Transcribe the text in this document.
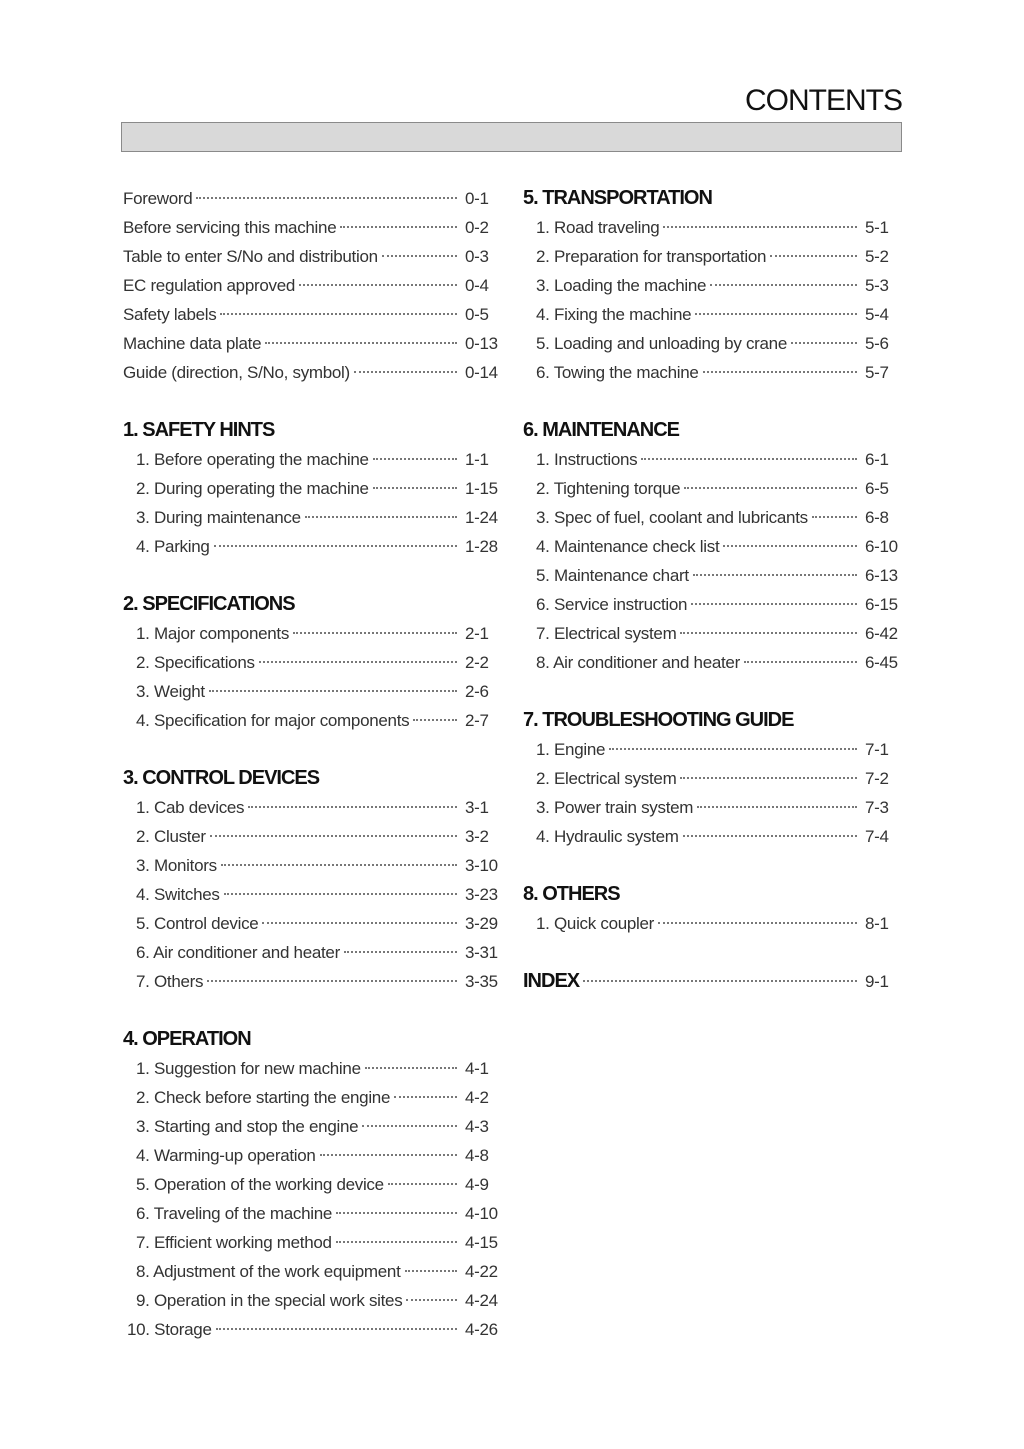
CONTENTS
Foreword	0-1
Before servicing this machine	0-2
Table to enter S/No and distribution	0-3
EC regulation approved	0-4
Safety labels	0-5
Machine data plate	0-13
Guide (direction, S/No, symbol)	0-14
1. SAFETY HINTS
1. Before operating the machine	1-1
2. During operating the machine	1-15
3. During maintenance	1-24
4. Parking	1-28
2. SPECIFICATIONS
1. Major components	2-1
2. Specifications	2-2
3. Weight	2-6
4. Specification for major components	2-7
3. CONTROL DEVICES
1. Cab devices	3-1
2. Cluster	3-2
3. Monitors	3-10
4. Switches	3-23
5. Control device	3-29
6. Air conditioner and heater	3-31
7. Others	3-35
4. OPERATION
1. Suggestion for new machine	4-1
2. Check before starting the engine	4-2
3. Starting and stop the engine	4-3
4. Warming-up operation	4-8
5. Operation of the working device	4-9
6. Traveling of the machine	4-10
7. Efficient working method	4-15
8. Adjustment of the work equipment	4-22
9. Operation in the special work sites	4-24
10. Storage	4-26
5. TRANSPORTATION
1. Road traveling	5-1
2. Preparation for transportation	5-2
3. Loading the machine	5-3
4. Fixing the machine	5-4
5. Loading and unloading by crane	5-6
6. Towing the machine	5-7
6. MAINTENANCE
1. Instructions	6-1
2. Tightening torque	6-5
3. Spec of fuel, coolant and lubricants	6-8
4. Maintenance check list	6-10
5. Maintenance chart	6-13
6. Service instruction	6-15
7. Electrical system	6-42
8. Air conditioner and heater	6-45
7. TROUBLESHOOTING GUIDE
1. Engine	7-1
2. Electrical system	7-2
3. Power train system	7-3
4. Hydraulic system	7-4
8. OTHERS
1. Quick coupler	8-1
INDEX	9-1
